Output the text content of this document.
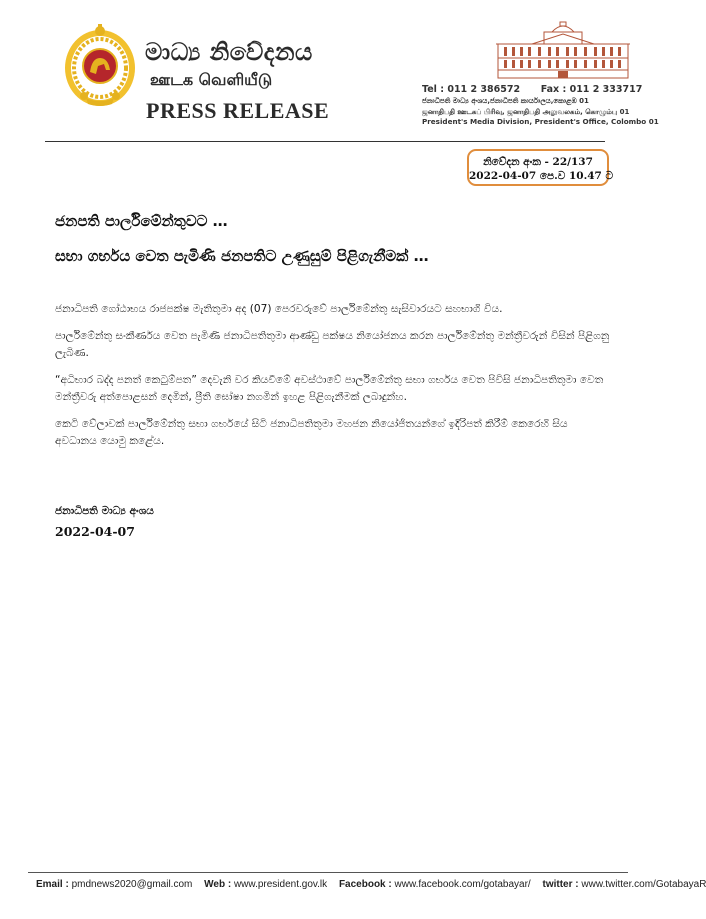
මාධ්‍ය නිවේදනය
ஊடக வெளியீடு
PRESS RELEASE
Tel : 011 2 386572 Fax : 011 2 333717
ජනාධිපති මාධ්‍ය අංශය,ජනාධිපති කාර්යාලය,කොළඹ 01
ஜனாதிபதி ஊடகப் பிரிவு, ஜனாதிபதி அலுவலகம், கொழும்பு 01
President's Media Division, President's Office, Colombo 01
නිවේදන අංක - 22/137
2022-04-07 පෙ.ව 10.47 ට
ජනපති පාර්ලිමේන්තුවට …
සභා ගර්භය වෙත පැමිණි ජනපතිට උණුසුම් පිළිගැනීමක් …

ජනාධිපති ගෝඨාභය රාජපක්ෂ මැතිතුමා අද (07) පෙරවරුවේ පාර්ලිමේන්තු සැසිවාරයට සහභාගි විය.

පාර්ලිමේන්තු සංකීර්ණය වෙත පැමිණි ජනාධිපතිතුමා ආණ්ඩු පක්ෂය නියෝජනය කරන පාර්ලිමේන්තු මන්ත්‍රීවරුන් විසින් පිළිගනු ලැබිණ.

“අධිභාර බද්ද පනත් කෙටුම්පත” දෙවැනි වර කියවීමේ අවස්ථාවේ පාර්ලිමේන්තු සභා ගර්භය වෙත පිවිසි ජනාධිපතිතුමා වෙත මන්ත්‍රීවරු අත්පොළසන් දෙමින්, ප්‍රීති ඝෝෂා නගමින් ඉහළ පිළිගැනීමක් ලබාදුන්හ.

කෙටි වේලාවක් පාර්ලිමේන්තු සභා ගර්භයේ සිටි ජනාධිපතිතුමා මහජන නියෝජිතයන්ගේ ඉදිරිපත් කිරීම් කෙරෙහි සිය අවධානය යොමු කළේය.

ජනාධිපති මාධ්‍ය අංශය
2022-04-07
Email : pmdnews2020@gmail.com Web : www.president.gov.lk Facebook : www.facebook.com/gotabayar/ twitter : www.twitter.com/GotabayaR
